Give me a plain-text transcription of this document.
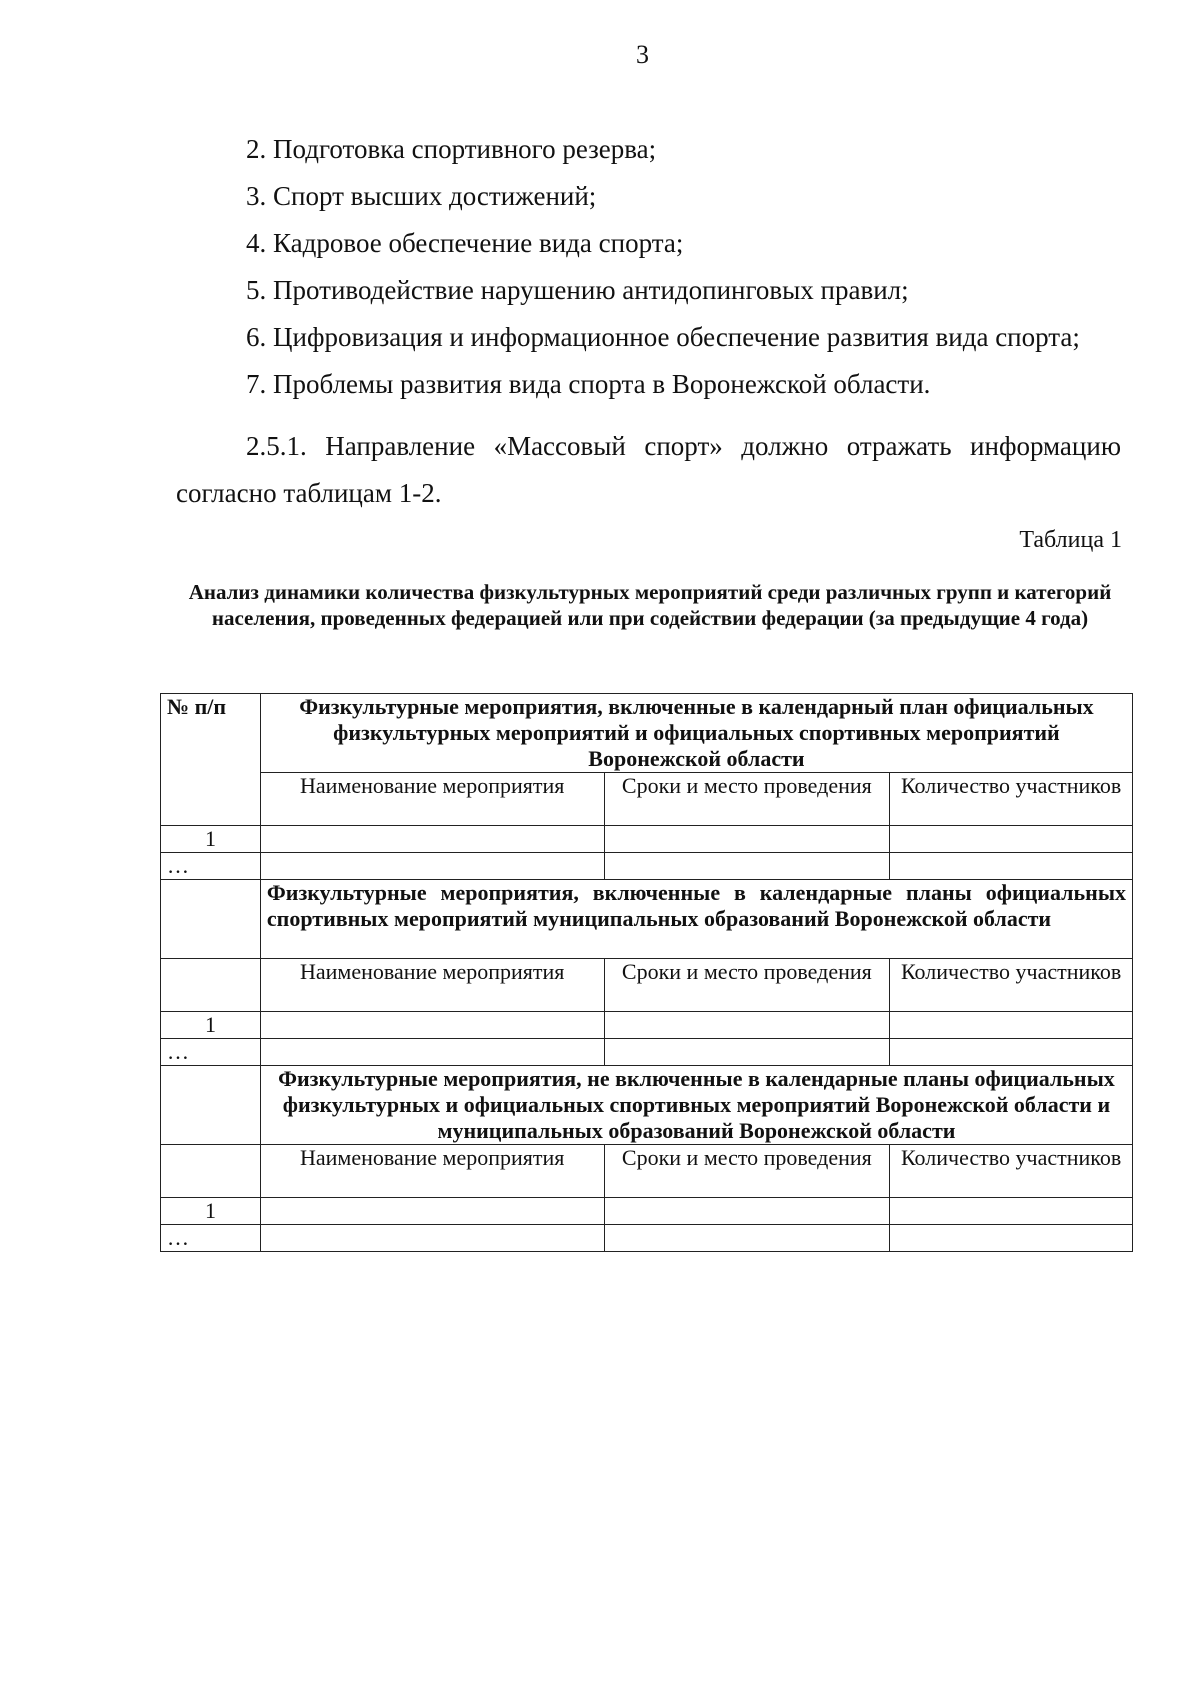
3
2. Подготовка спортивного резерва;
3. Спорт высших достижений;
4. Кадровое обеспечение вида спорта;
5. Противодействие нарушению антидопинговых правил;
6. Цифровизация и информационное обеспечение развития вида спорта;
7. Проблемы развития вида спорта в Воронежской области.
2.5.1. Направление «Массовый спорт» должно отражать информацию
согласно таблицам 1-2.
Таблица 1
Анализ динамики количества физкультурных мероприятий среди различных групп и категорий населения, проведенных федерацией или при содействии федерации (за предыдущие 4 года)
№ п/п	Физкультурные мероприятия, включенные в календарный план официальных физкультурных мероприятий и официальных спортивных мероприятий Воронежской области		
	Наименование мероприятия	Сроки и место проведения	Количество участников
1			
…			
	Физкультурные мероприятия, включенные в календарные планы официальных спортивных мероприятий муниципальных образований Воронежской области		
	Наименование мероприятия	Сроки и место проведения	Количество участников
1			
…			
	Физкультурные мероприятия, не включенные в календарные планы официальных физкультурных и официальных спортивных мероприятий Воронежской области и муниципальных образований Воронежской области		
	Наименование мероприятия	Сроки и место проведения	Количество участников
1			
…			
